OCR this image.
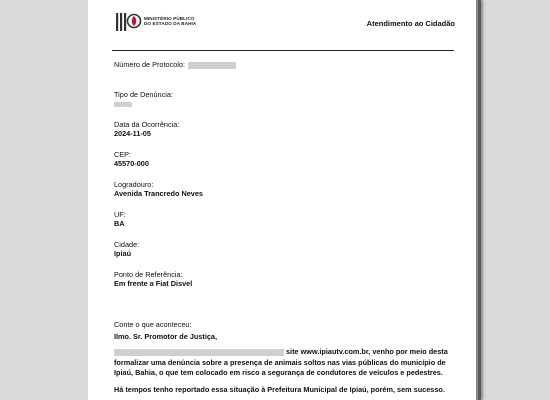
MINISTÉRIO PÚBLICO
DO ESTADO DA BAHIA	Atendimento ao Cidadão
Número de Protocolo:
Tipo de Denúncia:
Data da Ocorrência:
2024-11-05
CEP:
45570-000
Logradouro:
Avenida Trancredo Neves
UF:
BA
Cidade:
Ipiaú
Ponto de Referência:
Em frente a Fiat Disvel

Conte o que aconteceu:

Ilmo. Sr. Promotor de Justiça,

site www.ipiautv.com.br, venho por meio desta formalizar uma denúncia sobre a presença de animais soltos nas vias públicas do município de Ipiaú, Bahia, o que tem colocado em risco a segurança de condutores de veículos e pedestres.

Há tempos tenho reportado essa situação à Prefeitura Municipal de Ipiaú, porém, sem sucesso.
